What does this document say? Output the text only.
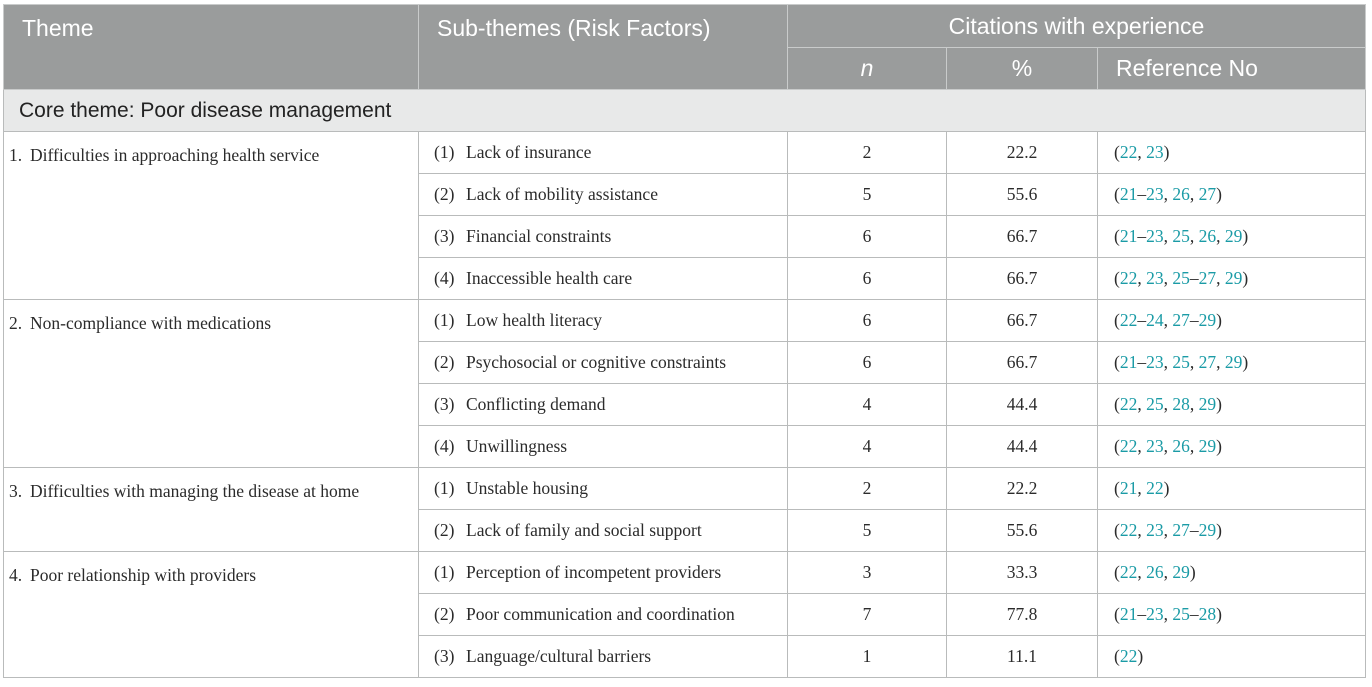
Theme	Sub-themes (Risk Factors)	Citations with experience		
		n	%	Reference No
Core theme: Poor disease management				
1. Difficulties in approaching health service	(1) Lack of insurance	2	22.2	(22, 23)
	(2) Lack of mobility assistance	5	55.6	(21–23, 26, 27)
	(3) Financial constraints	6	66.7	(21–23, 25, 26, 29)
	(4) Inaccessible health care	6	66.7	(22, 23, 25–27, 29)
2. Non-compliance with medications	(1) Low health literacy	6	66.7	(22–24, 27–29)
	(2) Psychosocial or cognitive constraints	6	66.7	(21–23, 25, 27, 29)
	(3) Conflicting demand	4	44.4	(22, 25, 28, 29)
	(4) Unwillingness	4	44.4	(22, 23, 26, 29)
3. Difficulties with managing the disease at home	(1) Unstable housing	2	22.2	(21, 22)
	(2) Lack of family and social support	5	55.6	(22, 23, 27–29)
4. Poor relationship with providers	(1) Perception of incompetent providers	3	33.3	(22, 26, 29)
	(2) Poor communication and coordination	7	77.8	(21–23, 25–28)
	(3) Language/cultural barriers	1	11.1	(22)
